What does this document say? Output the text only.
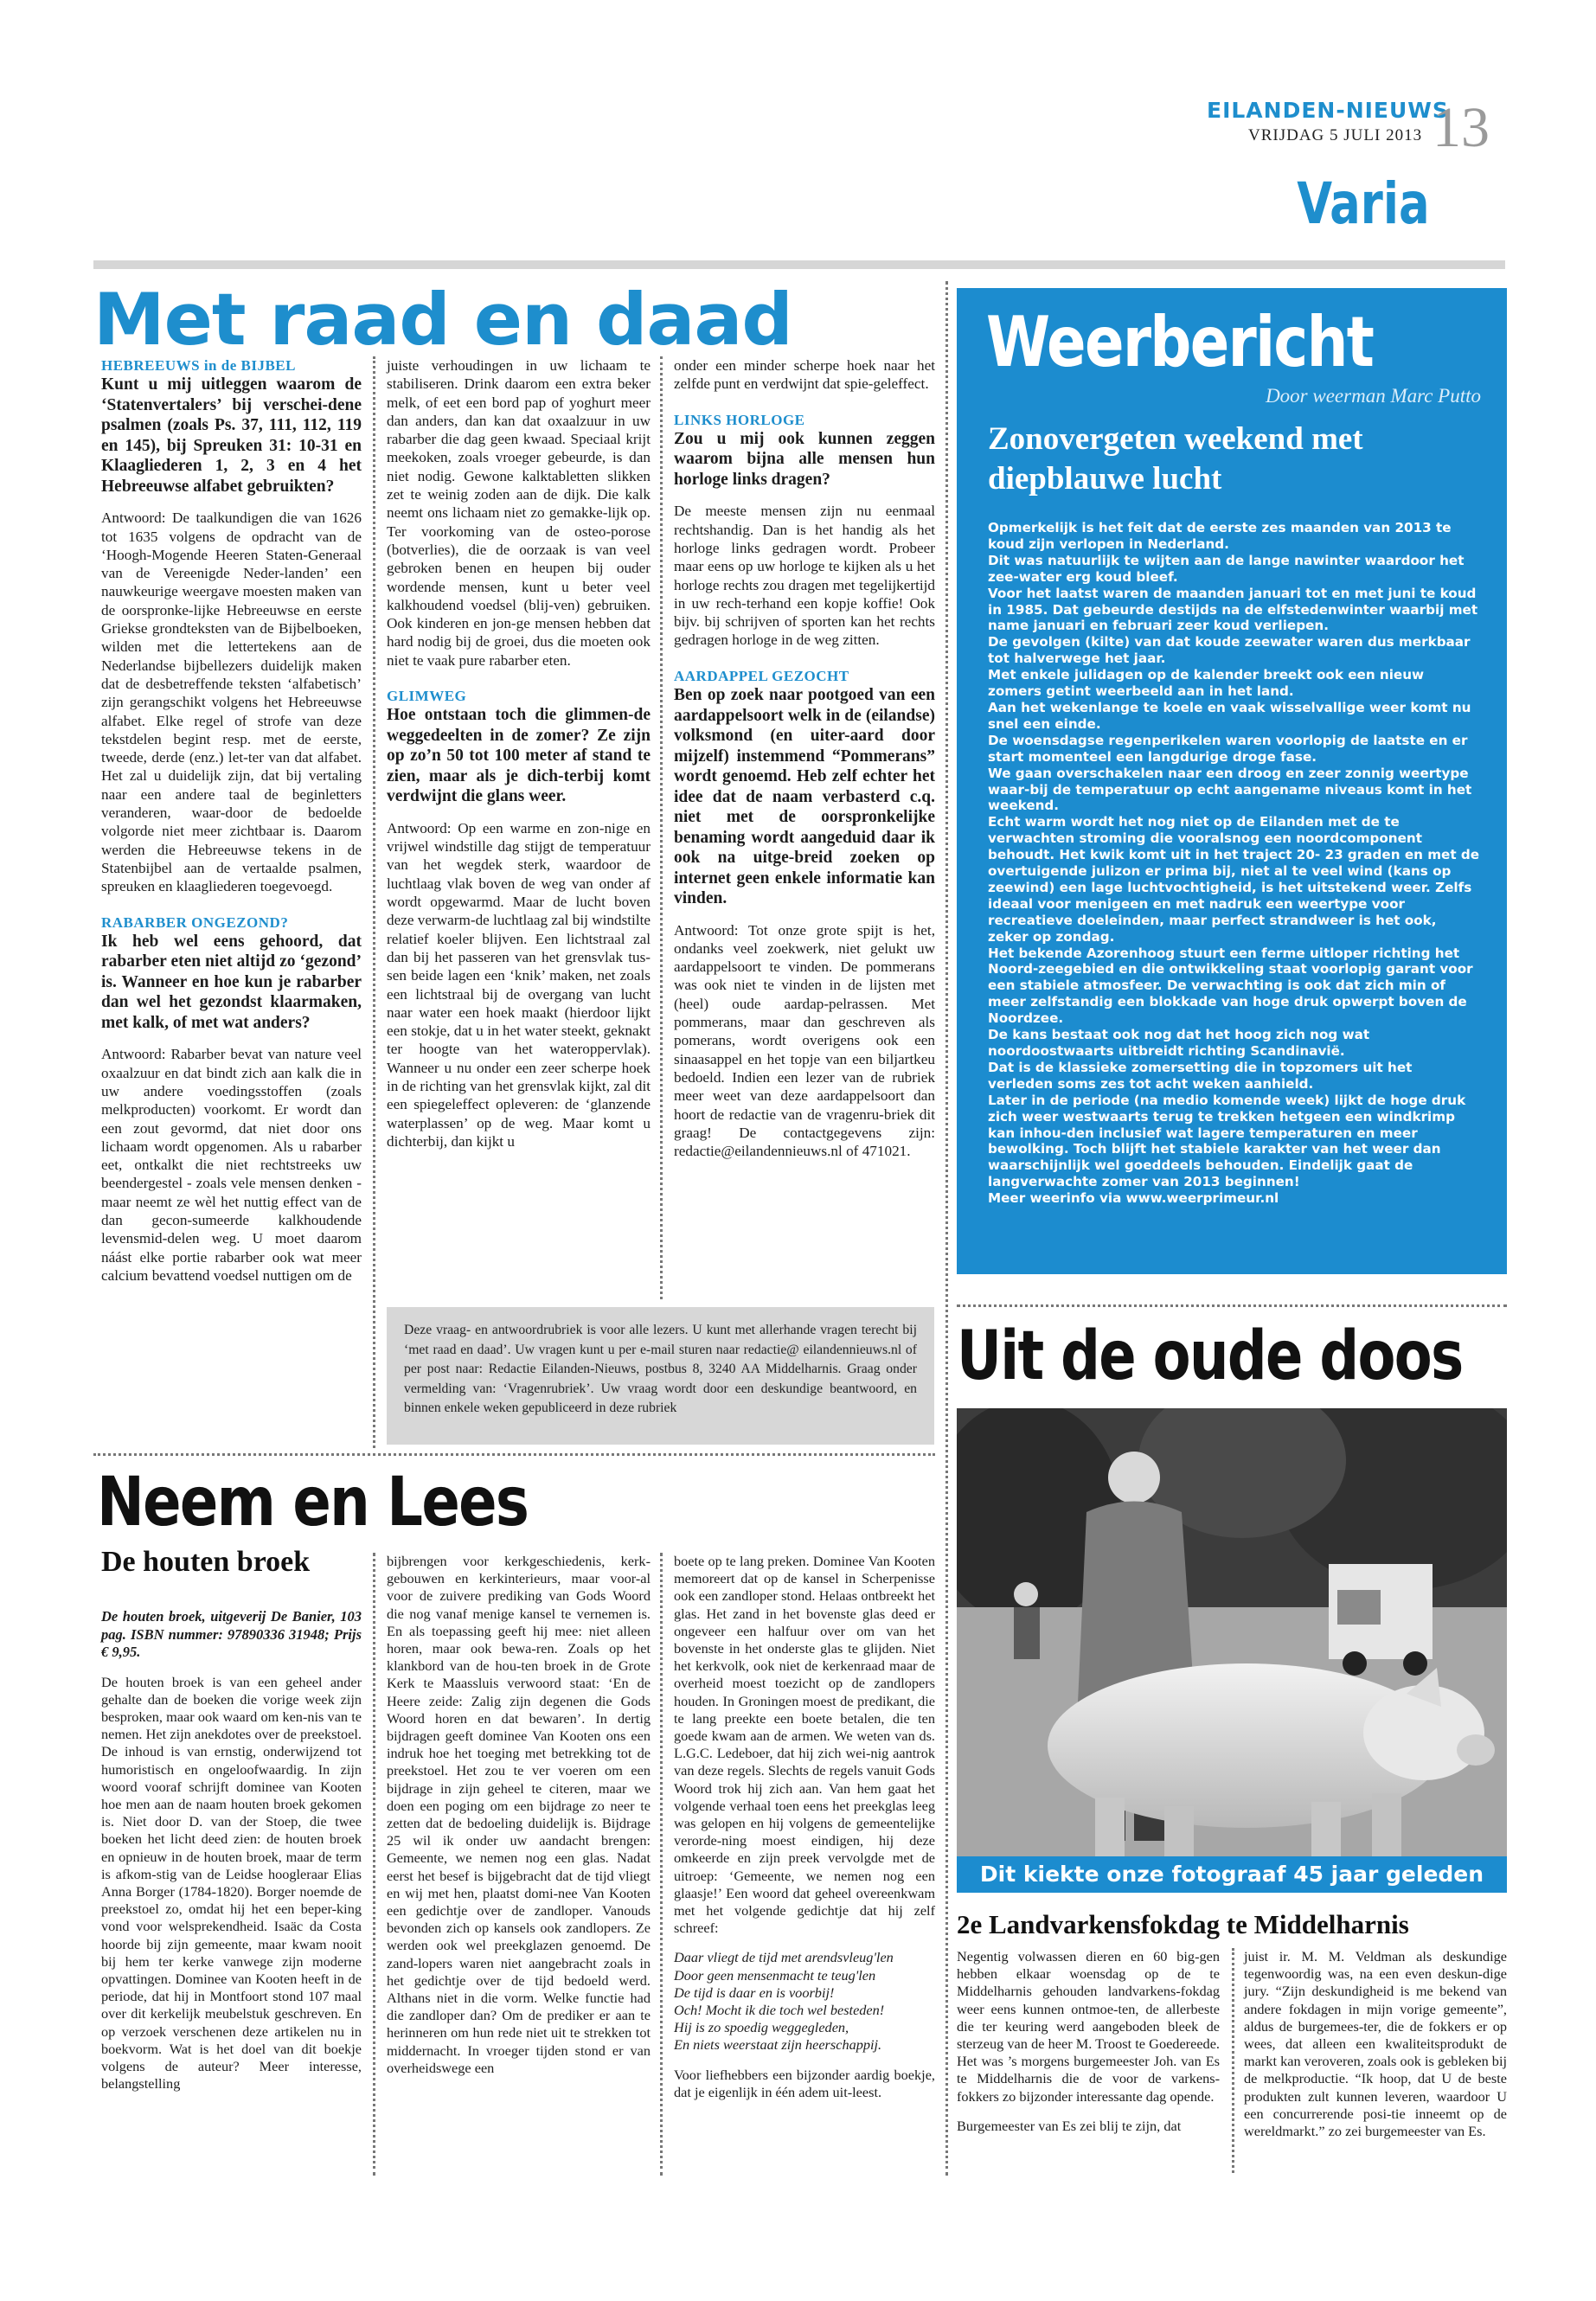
EILANDEN-NIEUWS
VRIJDAG 5 JULI 2013 13
Varia
Met raad en daad

HEBREEUWS in de BIJBEL

Kunt u mij uitleggen waarom de ‘Statenvertalers’ bij verschei-dene psalmen (zoals Ps. 37, 111, 112, 119 en 145), bij Spreuken 31: 10-31 en Klaagliederen 1, 2, 3 en 4 het Hebreeuwse alfabet gebruikten?

Antwoord: De taalkundigen die van 1626 tot 1635 volgens de opdracht van de ‘Hoogh-Mogende Heeren Staten-Generaal van de Vereenigde Neder-landen’ een nauwkeurige weergave moesten maken van de oorspronke-lijke Hebreeuwse en eerste Griekse grondteksten van de Bijbelboeken, wilden met die lettertekens aan de Nederlandse bijbellezers duidelijk maken dat de desbetreffende teksten ‘alfabetisch’ zijn gerangschikt volgens het Hebreeuwse alfabet. Elke regel of strofe van deze tekstdelen begint resp. met de eerste, tweede, derde (enz.) let-ter van dat alfabet. Het zal u duidelijk zijn, dat bij vertaling naar een andere taal de beginletters veranderen, waar-door de bedoelde volgorde niet meer zichtbaar is. Daarom werden die Hebreeuwse tekens in de Statenbijbel aan de vertaalde psalmen, spreuken en klaagliederen toegevoegd.

RABARBER ONGEZOND?

Ik heb wel eens gehoord, dat rabarber eten niet altijd zo ‘gezond’ is. Wanneer en hoe kun je rabarber dan wel het gezondst klaarmaken, met kalk, of met wat anders?

Antwoord: Rabarber bevat van nature veel oxaalzuur en dat bindt zich aan kalk die in uw andere voedingsstoffen (zoals melkproducten) voorkomt. Er wordt dan een zout gevormd, dat niet door ons lichaam wordt opgenomen. Als u rabarber eet, ontkalkt die niet rechtstreeks uw beendergestel - zoals vele mensen denken - maar neemt ze wèl het nuttig effect van de dan gecon-sumeerde kalkhoudende levensmid-delen weg. U moet daarom náást elke portie rabarber ook wat meer calcium bevattend voedsel nuttigen om de

juiste verhoudingen in uw lichaam te stabiliseren. Drink daarom een extra beker melk, of eet een bord pap of yoghurt meer dan anders, dan kan dat oxaalzuur in uw rabarber die dag geen kwaad. Speciaal krijt meekoken, zoals vroeger gebeurde, is dan niet nodig. Gewone kalktabletten slikken zet te weinig zoden aan de dijk. Die kalk neemt ons lichaam niet zo gemakke-lijk op. Ter voorkoming van de osteo-porose (botverlies), die de oorzaak is van veel gebroken benen en heupen bij ouder wordende mensen, kunt u beter veel kalkhoudend voedsel (blij-ven) gebruiken. Ook kinderen en jon-ge mensen hebben dat hard nodig bij de groei, dus die moeten ook niet te vaak pure rabarber eten.

GLIMWEG

Hoe ontstaan toch die glimmen-de weggedeelten in de zomer? Ze zijn op zo’n 50 tot 100 meter af stand te zien, maar als je dich-terbij komt verdwijnt die glans weer.

Antwoord: Op een warme en zon-nige en vrijwel windstille dag stijgt de temperatuur van het wegdek sterk, waardoor de luchtlaag vlak boven de weg van onder af wordt opgewarmd. Maar de lucht boven deze verwarm-de luchtlaag zal bij windstilte relatief koeler blijven. Een lichtstraal zal dan bij het passeren van het grensvlak tus-sen beide lagen een ‘knik’ maken, net zoals een lichtstraal bij de overgang van lucht naar water een hoek maakt (hierdoor lijkt een stokje, dat u in het water steekt, geknakt ter hoogte van het wateroppervlak). Wanneer u nu onder een zeer scherpe hoek in de richting van het grensvlak kijkt, zal dit een spiegeleffect opleveren: de ‘glanzende waterplassen’ op de weg. Maar komt u dichterbij, dan kijkt u

onder een minder scherpe hoek naar het zelfde punt en verdwijnt dat spie-geleffect.

LINKS HORLOGE

Zou u mij ook kunnen zeggen waarom bijna alle mensen hun horloge links dragen?

De meeste mensen zijn nu eenmaal rechtshandig. Dan is het handig als het horloge links gedragen wordt. Probeer maar eens op uw horloge te kijken als u het horloge rechts zou dragen met tegelijkertijd in uw rech-terhand een kopje koffie! Ook bijv. bij schrijven of sporten kan het rechts gedragen horloge in de weg zitten.

AARDAPPEL GEZOCHT

Ben op zoek naar pootgoed van een aardappelsoort welk in de (eilandse) volksmond (en uiter-aard door mijzelf) instemmend “Pommerans” wordt genoemd. Heb zelf echter het idee dat de naam verbasterd c.q. niet met de oorspronkelijke benaming wordt aangeduid daar ik ook na uitge-breid zoeken op internet geen enkele informatie kan vinden.

Antwoord: Tot onze grote spijt is het, ondanks veel zoekwerk, niet gelukt uw aardappelsoort te vinden. De pommerans was ook niet te vinden in de lijsten met (heel) oude aardap-pelrassen. Met pommerans, maar dan geschreven als pomerans, wordt overigens ook een sinaasappel en het topje van een biljartkeu bedoeld. Indien een lezer van de rubriek meer weet van deze aardappelsoort dan hoort de redactie van de vragenru-briek dit graag! De contactgegevens zijn: redactie@eilandennieuws.nl of 471021.

Deze vraag- en antwoordrubriek is voor alle lezers. U kunt met allerhande vragen terecht bij ‘met raad en daad’. Uw vragen kunt u per e-mail sturen naar redactie@ eilandennieuws.nl of per post naar: Redactie Eilanden-Nieuws, postbus 8, 3240 AA Middelharnis. Graag onder vermelding van: ‘Vragenrubriek’. Uw vraag wordt door een deskundige beantwoord, en binnen enkele weken gepubliceerd in deze rubriek
Weerbericht
Door weerman Marc Putto
Zonovergeten weekend met diepblauwe lucht

Opmerkelijk is het feit dat de eerste zes maanden van 2013 te koud zijn verlopen in Nederland.

Dit was natuurlijk te wijten aan de lange nawinter waardoor het zee-water erg koud bleef.

Voor het laatst waren de maanden januari tot en met juni te koud in 1985. Dat gebeurde destijds na de elfstedenwinter waarbij met name januari en februari zeer koud verliepen.

De gevolgen (kilte) van dat koude zeewater waren dus merkbaar tot halverwege het jaar.

Met enkele julidagen op de kalender breekt ook een nieuw zomers getint weerbeeld aan in het land.

Aan het wekenlange te koele en vaak wisselvallige weer komt nu snel een einde.

De woensdagse regenperikelen waren voorlopig de laatste en er start momenteel een langdurige droge fase.

We gaan overschakelen naar een droog en zeer zonnig weertype waar-bij de temperatuur op echt aangename niveaus komt in het weekend.

Echt warm wordt het nog niet op de Eilanden met de te verwachten stroming die vooralsnog een noordcomponent behoudt. Het kwik komt uit in het traject 20- 23 graden en met de overtuigende julizon er prima bij, niet al te veel wind (kans op zeewind) een lage luchtvochtigheid, is het uitstekend weer. Zelfs ideaal voor menigeen en met nadruk een weertype voor recreatieve doeleinden, maar perfect strandweer is het ook, zeker op zondag.

Het bekende Azorenhoog stuurt een ferme uitloper richting het Noord-zeegebied en die ontwikkeling staat voorlopig garant voor een stabiele atmosfeer. De verwachting is ook dat zich min of meer zelfstandig een blokkade van hoge druk opwerpt boven de Noordzee.

De kans bestaat ook nog dat het hoog zich nog wat noordoostwaarts uitbreidt richting Scandinavië.

Dat is de klassieke zomersetting die in topzomers uit het verleden soms zes tot acht weken aanhield.

Later in de periode (na medio komende week) lijkt de hoge druk zich weer westwaarts terug te trekken hetgeen een windkrimp kan inhou-den inclusief wat lagere temperaturen en meer bewolking. Toch blijft het stabiele karakter van het weer dan waarschijnlijk wel goeddeels behouden. Eindelijk gaat de langverwachte zomer van 2013 beginnen!

Meer weerinfo via www.weerprimeur.nl

Neem en Lees
De houten broek

De houten broek, uitgeverij De Banier, 103 pag. ISBN nummer: 97890336 31948; Prijs € 9,95.

De houten broek is van een geheel ander gehalte dan de boeken die vorige week zijn besproken, maar ook waard om ken-nis van te nemen. Het zijn anekdotes over de preekstoel. De inhoud is van ernstig, onderwijzend tot humoristisch en ongeloofwaardig. In zijn woord vooraf schrijft dominee van Kooten hoe men aan de naam houten broek gekomen is. Niet door D. van der Stoep, die twee boeken het licht deed zien: de houten broek en opnieuw in de houten broek, maar de term is afkom-stig van de Leidse hoogleraar Elias Anna Borger (1784-1820). Borger noemde de preekstoel zo, omdat hij het een beper-king vond voor welsprekendheid. Isaäc da Costa hoorde bij zijn gemeente, maar kwam nooit bij hem ter kerke vanwege zijn moderne opvattingen. Dominee van Kooten heeft in de periode, dat hij in Montfoort stond 107 maal over dit kerkelijk meubelstuk geschreven. En op verzoek verschenen deze artikelen nu in boekvorm. Wat is het doel van dit boekje volgens de auteur? Meer interesse, belangstelling

bijbrengen voor kerkgeschiedenis, kerk-gebouwen en kerkinterieurs, maar voor-al voor de zuivere prediking van Gods Woord die nog vanaf menige kansel te vernemen is. En als toepassing geeft hij mee: niet alleen horen, maar ook bewa-ren. Zoals op het klankbord van de hou-ten broek in de Grote Kerk te Maassluis verwoord staat: ‘En de Heere zeide: Zalig zijn degenen die Gods Woord horen en dat bewaren’. In dertig bijdragen geeft dominee Van Kooten ons een indruk hoe het toeging met betrekking tot de preekstoel. Het zou te ver voeren om een bijdrage in zijn geheel te citeren, maar we doen een poging om een bijdrage zo neer te zetten dat de bedoeling duidelijk is. Bijdrage 25 wil ik onder uw aandacht brengen: Gemeente, we nemen nog een glas. Nadat eerst het besef is bijgebracht dat de tijd vliegt en wij met hen, plaatst domi-nee Van Kooten een gedichtje over de zandloper. Vanouds bevonden zich op kansels ook zandlopers. Ze werden ook wel preekglazen genoemd. De zand-lopers waren niet aangebracht zoals in het gedichtje over de tijd bedoeld werd. Althans niet in die vorm. Welke functie had die zandloper dan? Om de prediker er aan te herinneren om hun rede niet uit te strekken tot middernacht. In vroeger tijden stond er van overheidswege een

boete op te lang preken. Dominee Van Kooten memoreert dat op de kansel in Scherpenisse ook een zandloper stond. Helaas ontbreekt het glas. Het zand in het bovenste glas deed er ongeveer een halfuur over om van het bovenste in het onderste glas te glijden. Niet het kerkvolk, ook niet de kerkenraad maar de overheid moest toezicht op de zandlopers houden. In Groningen moest de predikant, die te lang preekte een boete betalen, die ten goede kwam aan de armen. We weten van ds. L.G.C. Ledeboer, dat hij zich wei-nig aantrok van deze regels. Slechts de regels vanuit Gods Woord trok hij zich aan. Van hem gaat het volgende verhaal toen eens het preekglas leeg was gelopen en hij volgens de gemeentelijke verorde-ning moest eindigen, hij deze omkeerde en zijn preek vervolgde met de uitroep: ‘Gemeente, we nemen nog een glaasje!’ Een woord dat geheel overeenkwam met het volgende gedichtje dat hij zelf schreef:

Daar vliegt de tijd met arendsvleug'len

Door geen mensenmacht te teug'len

De tijd is daar en is voorbij!

Och! Mocht ik die toch wel besteden!

Hij is zo spoedig weggegleden,

En niets weerstaat zijn heerschappij.

Voor liefhebbers een bijzonder aardig boekje, dat je eigenlijk in één adem uit-leest.

Uit de oude doos
Dit kiekte onze fotograaf 45 jaar geleden
2e Landvarkensfokdag te Middelharnis

Negentig volwassen dieren en 60 big-gen hebben elkaar woensdag op de te Middelharnis gehouden landvarkens-fokdag weer eens kunnen ontmoe-ten, de allerbeste die ter keuring werd aangeboden bleek de sterzeug van de heer M. Troost te Goedereede. Het was ’s morgens burgemeester Joh. van Es te Middelharnis die de voor de varkens-fokkers zo bijzonder interessante dag opende.

Burgemeester van Es zei blij te zijn, dat

juist ir. M. M. Veldman als deskundige tegenwoordig was, na een even deskun-dige jury. “Zijn deskundigheid is me bekend van andere fokdagen in mijn vorige gemeente”, aldus de burgemees-ter, die de fokkers er op wees, dat alleen een kwaliteitsprodukt de markt kan veroveren, zoals ook is gebleken bij de melkproductie. “Ik hoop, dat U de beste produkten zult kunnen leveren, waardoor U een concurrerende posi-tie inneemt op de wereldmarkt.” zo zei burgemeester van Es.
